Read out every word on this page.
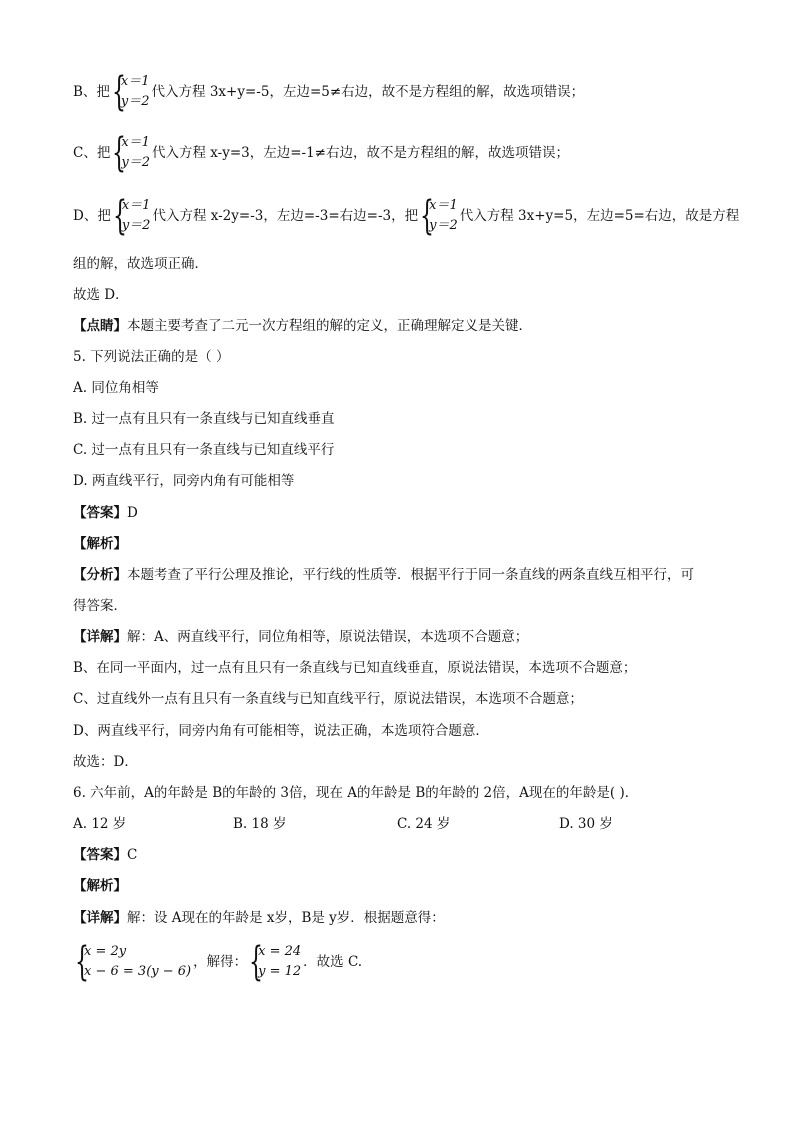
B、把 {
x＝1
y＝2
代入方程 3x+y=-5，左边=5≠右边，故不是方程组的解，故选项错误；
C、把 {
x＝1
y＝2
代入方程 x-y=3，左边=-1≠右边，故不是方程组的解，故选项错误；
D、把 {
x＝1
y＝2
代入方程 x-2y=-3，左边=-3=右边=-3，把 {
x＝1
y＝2
代入方程 3x+y=5，左边=5=右边，故是方程
组的解，故选项正确．
故选 D．
【点睛】本题主要考查了二元一次方程组的解的定义，正确理解定义是关键．
5. 下列说法正确的是（ ）
A. 同位角相等
B. 过一点有且只有一条直线与已知直线垂直
C. 过一点有且只有一条直线与已知直线平行
D. 两直线平行，同旁内角有可能相等
【答案】D
【解析】
【分析】本题考查了平行公理及推论，平行线的性质等．根据平行于同一条直线的两条直线互相平行，可
得答案．
【详解】解：A、两直线平行，同位角相等，原说法错误，本选项不合题意；
B、在同一平面内，过一点有且只有一条直线与已知直线垂直，原说法错误，本选项不合题意；
C、过直线外一点有且只有一条直线与已知直线平行，原说法错误，本选项不合题意；
D、两直线平行，同旁内角有可能相等，说法正确，本选项符合题意．
故选：D．
6. 六年前，A的年龄是 B的年龄的 3倍，现在 A的年龄是 B的年龄的 2倍，A现在的年龄是( )．
A. 12 岁	B. 18 岁	C. 24 岁	D. 30 岁
【答案】C
【解析】
【详解】解：设 A现在的年龄是 x岁，B是 y岁．根据题意得：
{
x = 2y
x − 6 = 3(y − 6)
，解得： {
x = 24
y = 12
．故选 C.
